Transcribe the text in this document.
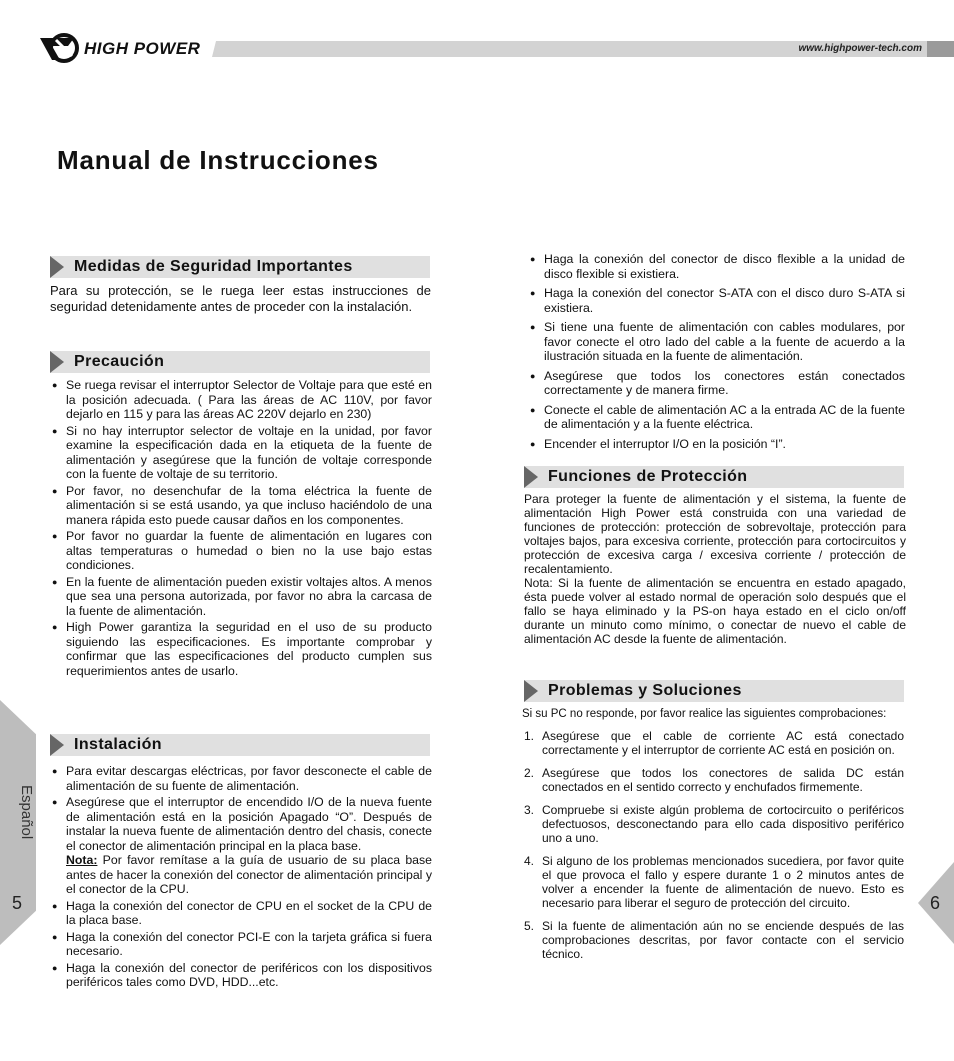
HIGH POWER	www.highpower-tech.com
Manual de Instrucciones
Medidas de Seguridad Importantes
Para su protección, se le ruega leer estas instrucciones de seguridad detenidamente antes de proceder con la instalación.
Precaución
● Se ruega revisar el interruptor Selector de Voltaje para que esté en la posición adecuada. ( Para las áreas de AC 110V, por favor dejarlo en 115 y para las áreas AC 220V dejarlo en 230)
● Si no hay interruptor selector de voltaje en la unidad, por favor examine la especificación dada en la etiqueta de la fuente de alimentación y asegúrese que la función de voltaje corresponde con la fuente de voltaje de su territorio.
● Por favor, no desenchufar de la toma eléctrica la fuente de alimentación si se está usando, ya que incluso haciéndolo de una manera rápida esto puede causar daños en los componentes.
● Por favor no guardar la fuente de alimentación en lugares con altas temperaturas o humedad o bien no la use bajo estas condiciones.
● En la fuente de alimentación pueden existir voltajes altos. A menos que sea una persona autorizada, por favor no abra la carcasa de la fuente de alimentación.
● High Power garantiza la seguridad en el uso de su producto siguiendo las especificaciones. Es importante comprobar y confirmar que las especificaciones del producto cumplen sus requerimientos antes de usarlo.
Instalación
● Para evitar descargas eléctricas, por favor desconecte el cable de alimentación de su fuente de alimentación.
● Asegúrese que el interruptor de encendido I/O de la nueva fuente de alimentación está en la posición Apagado “O”. Después de instalar la nueva fuente de alimentación dentro del chasis, conecte el conector de alimentación principal en la placa base.
Nota: Por favor remítase a la guía de usuario de su placa base antes de hacer la conexión del conector de alimentación principal y el conector de la CPU.
● Haga la conexión del conector de CPU en el socket de la CPU de la placa base.
● Haga la conexión del conector PCI-E con la tarjeta gráfica si fuera necesario.
● Haga la conexión del conector de periféricos con los dispositivos periféricos tales como DVD, HDD...etc.
● Haga la conexión del conector de disco flexible a la unidad de disco flexible si existiera.
● Haga la conexión del conector S-ATA con el disco duro S-ATA si existiera.
● Si tiene una fuente de alimentación con cables modulares, por favor conecte el otro lado del cable a la fuente de acuerdo a la ilustración situada en la fuente de alimentación.
● Asegúrese que todos los conectores están conectados correctamente y de manera firme.
● Conecte el cable de alimentación AC a la entrada AC de la fuente de alimentación y a la fuente eléctrica.
● Encender el interruptor I/O en la posición “I”.
Funciones de Protección
Para proteger la fuente de alimentación y el sistema, la fuente de alimentación High Power está construida con una variedad de funciones de protección: protección de sobrevoltaje, protección para voltajes bajos, para excesiva corriente, protección para cortocircuitos y protección de excesiva carga / excesiva corriente / protección de recalentamiento.
Nota: Si la fuente de alimentación se encuentra en estado apagado, ésta puede volver al estado normal de operación solo después que el fallo se haya eliminado y la PS-on haya estado en el ciclo on/off durante un minuto como mínimo, o conectar de nuevo el cable de alimentación AC desde la fuente de alimentación.
Problemas y Soluciones
Si su PC no responde, por favor realice las siguientes comprobaciones:
1. Asegúrese que el cable de corriente AC está conectado correctamente y el interruptor de corriente AC está en posición on.
2. Asegúrese que todos los conectores de salida DC están conectados en el sentido correcto y enchufados firmemente.
3. Compruebe si existe algún problema de cortocircuito o periféricos defectuosos, desconectando para ello cada dispositivo periférico uno a uno.
4. Si alguno de los problemas mencionados sucediera, por favor quite el que provoca el fallo y espere durante 1 o 2 minutos antes de volver a encender la fuente de alimentación de nuevo. Esto es necesario para liberar el seguro de protección del circuito.
5. Si la fuente de alimentación aún no se enciende después de las comprobaciones descritas, por favor contacte con el servicio técnico.
Español
5	6
